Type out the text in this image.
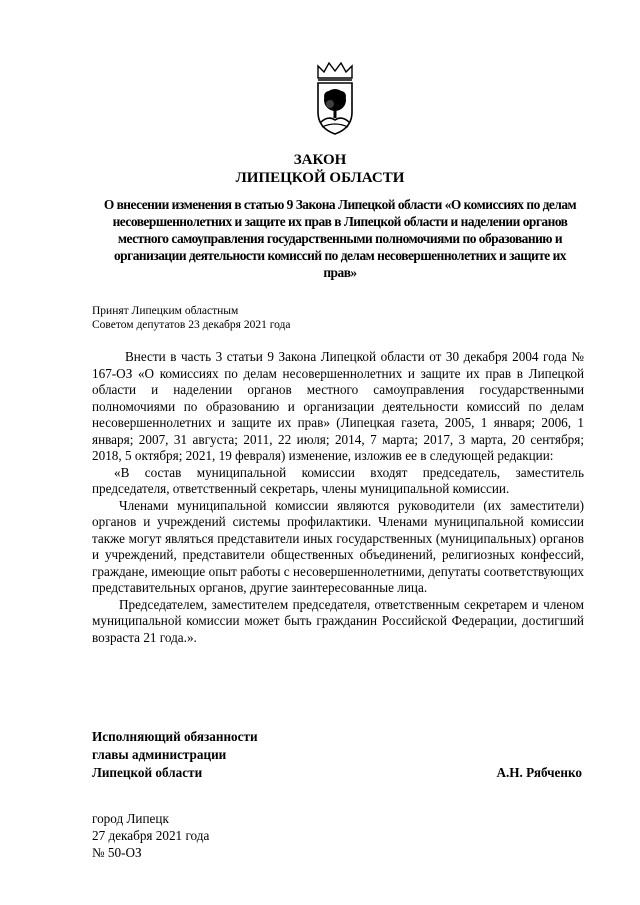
ЗАКОН
ЛИПЕЦКОЙ ОБЛАСТИ
О внесении изменения в статью 9 Закона Липецкой области «О комиссиях по делам несовершеннолетних и защите их прав в Липецкой области и наделении органов местного самоуправления государственными полномочиями по образованию и организации деятельности комиссий по делам несовершеннолетних и защите их прав»
Принят Липецким областным
Советом депутатов 23 декабря 2021 года

Внести в часть 3 статьи 9 Закона Липецкой области от 30 декабря 2004 года № 167-ОЗ «О комиссиях по делам несовершеннолетних и защите их прав в Липецкой области и наделении органов местного самоуправления государственными полномочиями по образованию и организации деятельности комиссий по делам несовершеннолетних и защите их прав» (Липецкая газета, 2005, 1 января; 2006, 1 января; 2007, 31 августа; 2011, 22 июля; 2014, 7 марта; 2017, 3 марта, 20 сентября; 2018, 5 октября; 2021, 19 февраля) изменение, изложив ее в следующей редакции:

«В состав муниципальной комиссии входят председатель, заместитель председателя, ответственный секретарь, члены муниципальной комиссии.

Членами муниципальной комиссии являются руководители (их заместители) органов и учреждений системы профилактики. Членами муниципальной комиссии также могут являться представители иных государственных (муниципальных) органов и учреждений, представители общественных объединений, религиозных конфессий, граждане, имеющие опыт работы с несовершеннолетними, депутаты соответствующих представительных органов, другие заинтересованные лица.

Председателем, заместителем председателя, ответственным секретарем и членом муниципальной комиссии может быть гражданин Российской Федерации, достигший возраста 21 года.».

Исполняющий обязанности
главы администрации
Липецкой области	А.Н. Рябченко
город Липецк
27 декабря 2021 года
№ 50-ОЗ
